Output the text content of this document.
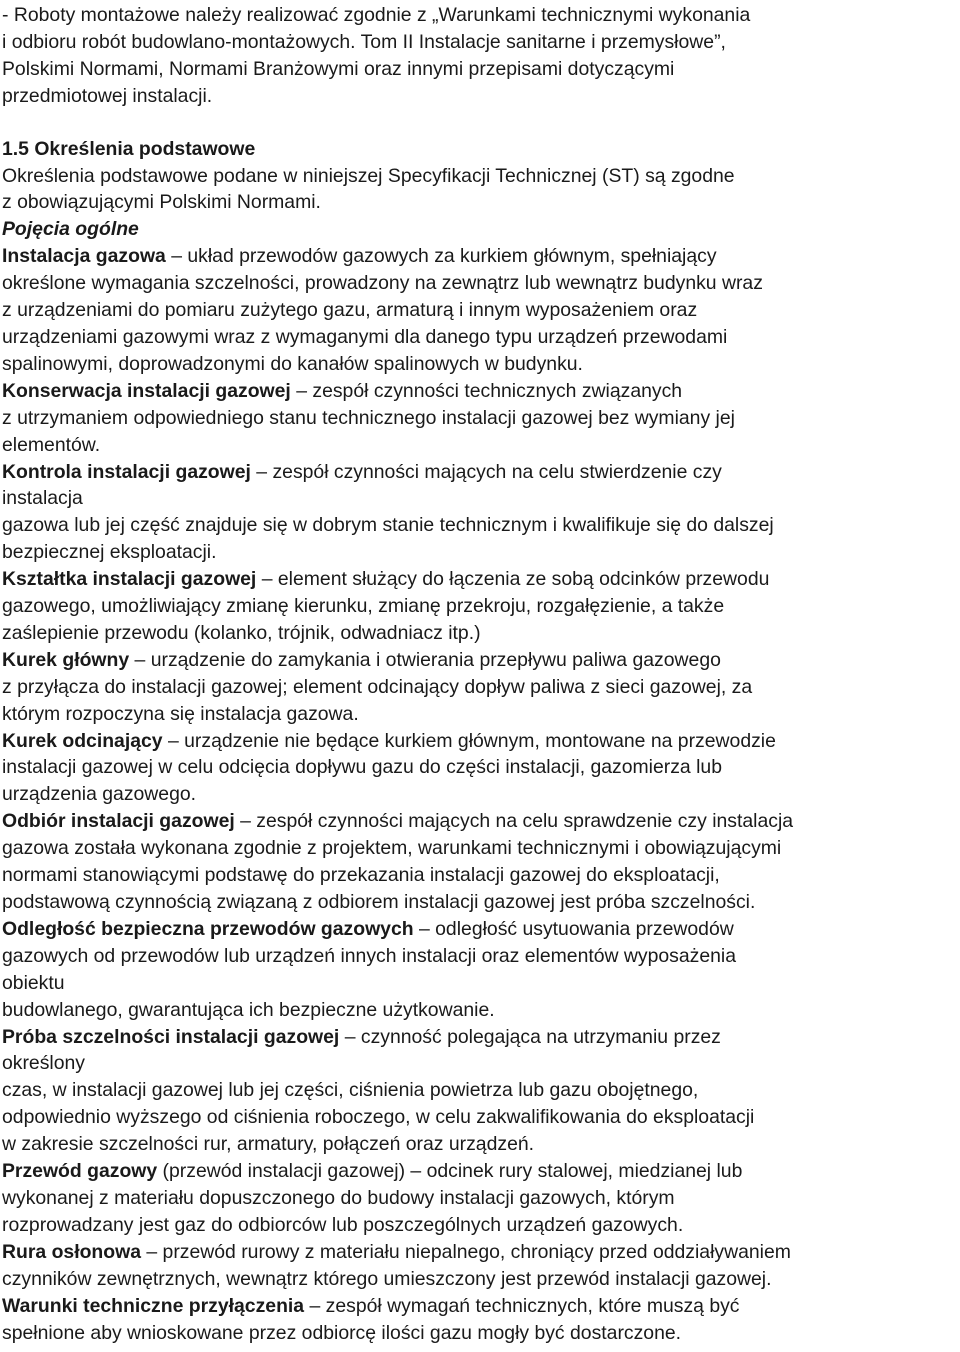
- Roboty montażowe należy realizować zgodnie z „Warunkami technicznymi wykonania
i odbioru robót budowlano-montażowych. Tom II Instalacje sanitarne i przemysłowe”,
Polskimi Normami, Normami Branżowymi oraz innymi przepisami dotyczącymi
przedmiotowej instalacji.
1.5 Określenia podstawowe
Określenia podstawowe podane w niniejszej Specyfikacji Technicznej (ST) są zgodne
z obowiązującymi Polskimi Normami.
Pojęcia ogólne
Instalacja gazowa – układ przewodów gazowych za kurkiem głównym, spełniający
określone wymagania szczelności, prowadzony na zewnątrz lub wewnątrz budynku wraz
z urządzeniami do pomiaru zużytego gazu, armaturą i innym wyposażeniem oraz
urządzeniami gazowymi wraz z wymaganymi dla danego typu urządzeń przewodami
spalinowymi, doprowadzonymi do kanałów spalinowych w budynku.
Konserwacja instalacji gazowej – zespół czynności technicznych związanych
z utrzymaniem odpowiedniego stanu technicznego instalacji gazowej bez wymiany jej
elementów.
Kontrola instalacji gazowej – zespół czynności mających na celu stwierdzenie czy
instalacja
gazowa lub jej część znajduje się w dobrym stanie technicznym i kwalifikuje się do dalszej
bezpiecznej eksploatacji.
Kształtka instalacji gazowej – element służący do łączenia ze sobą odcinków przewodu
gazowego, umożliwiający zmianę kierunku, zmianę przekroju, rozgałęzienie, a także
zaślepienie przewodu (kolanko, trójnik, odwadniacz itp.)
Kurek główny – urządzenie do zamykania i otwierania przepływu paliwa gazowego
z przyłącza do instalacji gazowej; element odcinający dopływ paliwa z sieci gazowej, za
którym rozpoczyna się instalacja gazowa.
Kurek odcinający – urządzenie nie będące kurkiem głównym, montowane na przewodzie
instalacji gazowej w celu odcięcia dopływu gazu do części instalacji, gazomierza lub
urządzenia gazowego.
Odbiór instalacji gazowej – zespół czynności mających na celu sprawdzenie czy instalacja
gazowa została wykonana zgodnie z projektem, warunkami technicznymi i obowiązującymi
normami stanowiącymi podstawę do przekazania instalacji gazowej do eksploatacji,
podstawową czynnością związaną z odbiorem instalacji gazowej jest próba szczelności.
Odległość bezpieczna przewodów gazowych – odległość usytuowania przewodów
gazowych od przewodów lub urządzeń innych instalacji oraz elementów wyposażenia
obiektu
budowlanego, gwarantująca ich bezpieczne użytkowanie.
Próba szczelności instalacji gazowej – czynność polegająca na utrzymaniu przez
określony
czas, w instalacji gazowej lub jej części, ciśnienia powietrza lub gazu obojętnego,
odpowiednio wyższego od ciśnienia roboczego, w celu zakwalifikowania do eksploatacji
w zakresie szczelności rur, armatury, połączeń oraz urządzeń.
Przewód gazowy (przewód instalacji gazowej) – odcinek rury stalowej, miedzianej lub
wykonanej z materiału dopuszczonego do budowy instalacji gazowych, którym
rozprowadzany jest gaz do odbiorców lub poszczególnych urządzeń gazowych.
Rura osłonowa – przewód rurowy z materiału niepalnego, chroniący przed oddziaływaniem
czynników zewnętrznych, wewnątrz którego umieszczony jest przewód instalacji gazowej.
Warunki techniczne przyłączenia – zespół wymagań technicznych, które muszą być
spełnione aby wnioskowane przez odbiorcę ilości gazu mogły być dostarczone.
